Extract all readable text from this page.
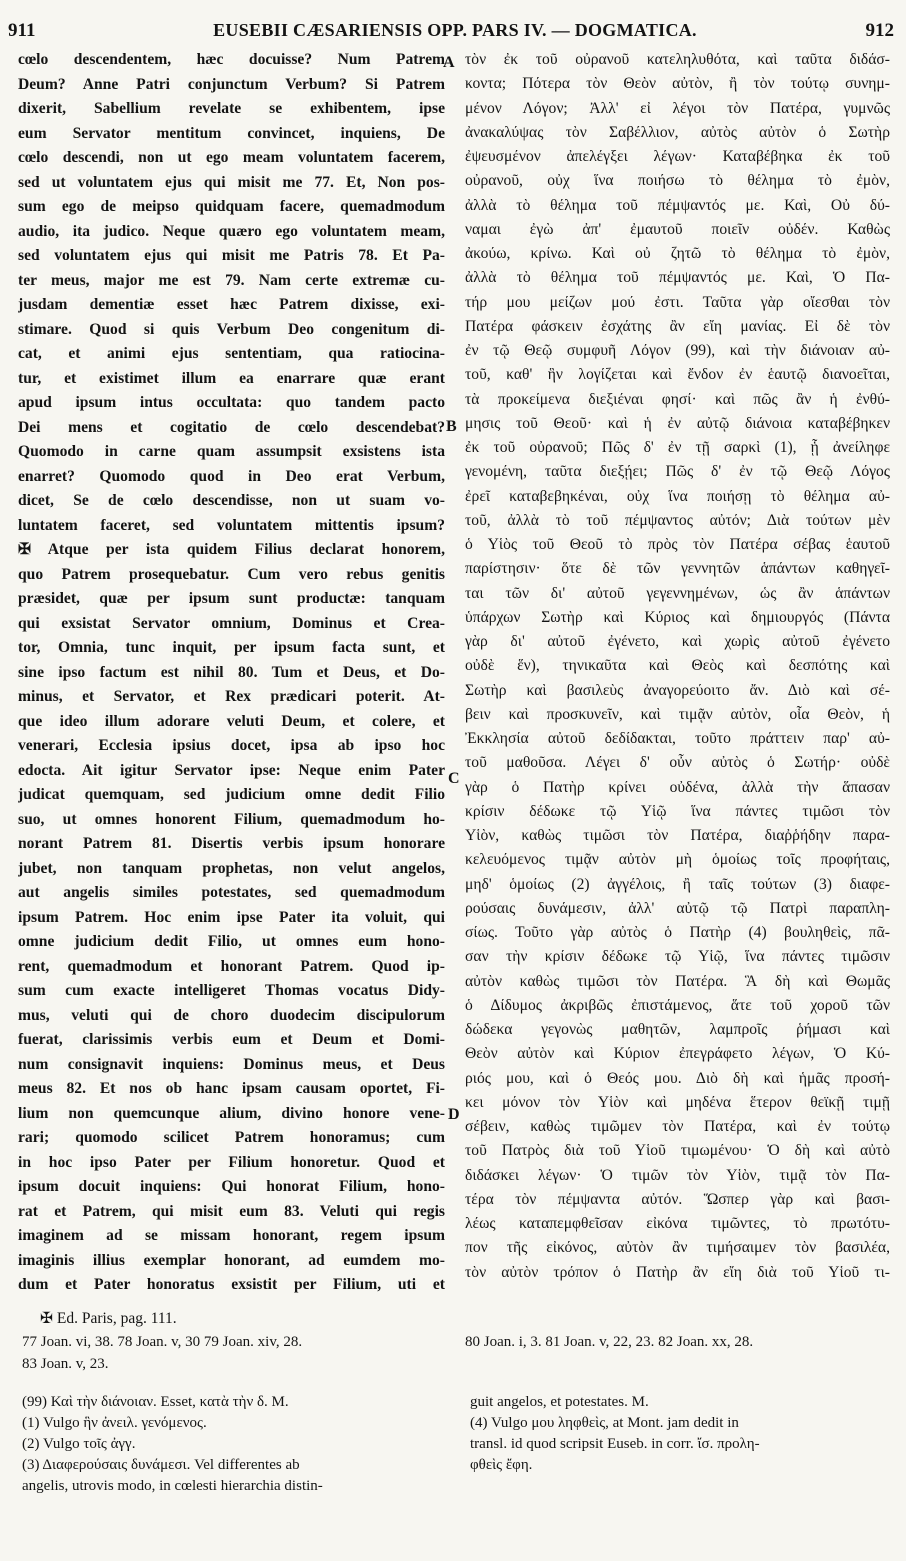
911	EUSEBII CÆSARIENSIS OPP. PARS IV. — DOGMATICA.	912
cœlo descendentem, hæc docuisse? Num Patrem
Deum? Anne Patri conjunctum Verbum? Si Patrem
dixerit, Sabellium revelate se exhibentem, ipse
eum Servator mentitum convincet, inquiens, De
cœlo descendi, non ut ego meam voluntatem facerem,
sed ut voluntatem ejus qui misit me 77. Et, Non pos-
sum ego de meipso quidquam facere, quemadmodum
audio, ita judico. Neque quæro ego voluntatem meam,
sed voluntatem ejus qui misit me Patris 78. Et Pa-
ter meus, major me est 79. Nam certe extremæ cu-
jusdam dementiæ esset hæc Patrem dixisse, exi-
stimare. Quod si quis Verbum Deo congenitum di-
cat, et animi ejus sententiam, qua ratiocina-
tur, et existimet illum ea enarrare quæ erant
apud ipsum intus occultata: quo tandem pacto
Dei mens et cogitatio de cœlo descendebat?
Quomodo in carne quam assumpsit exsistens ista
enarret? Quomodo quod in Deo erat Verbum,
dicet, Se de cœlo descendisse, non ut suam vo-
luntatem faceret, sed voluntatem mittentis ipsum?
✠ Atque per ista quidem Filius declarat honorem,
quo Patrem prosequebatur. Cum vero rebus genitis
præsidet, quæ per ipsum sunt productæ: tanquam
qui exsistat Servator omnium, Dominus et Crea-
tor, Omnia, tunc inquit, per ipsum facta sunt, et
sine ipso factum est nihil 80. Tum et Deus, et Do-
minus, et Servator, et Rex prædicari poterit. At-
que ideo illum adorare veluti Deum, et colere, et
venerari, Ecclesia ipsius docet, ipsa ab ipso hoc
edocta. Ait igitur Servator ipse: Neque enim Pater
judicat quemquam, sed judicium omne dedit Filio
suo, ut omnes honorent Filium, quemadmodum ho-
norant Patrem 81. Disertis verbis ipsum honorare
jubet, non tanquam prophetas, non velut angelos,
aut angelis similes potestates, sed quemadmodum
ipsum Patrem. Hoc enim ipse Pater ita voluit, qui
omne judicium dedit Filio, ut omnes eum hono-
rent, quemadmodum et honorant Patrem. Quod ip-
sum cum exacte intelligeret Thomas vocatus Didy-
mus, veluti qui de choro duodecim discipulorum
fuerat, clarissimis verbis eum et Deum et Domi-
num consignavit inquiens: Dominus meus, et Deus
meus 82. Et nos ob hanc ipsam causam oportet, Fi-
lium non quemcunque alium, divino honore vene-
rari; quomodo scilicet Patrem honoramus; cum
in hoc ipso Pater per Filium honoretur. Quod et
ipsum docuit inquiens: Qui honorat Filium, hono-
rat et Patrem, qui misit eum 83. Veluti qui regis
imaginem ad se missam honorant, regem ipsum
imaginis illius exemplar honorant, ad eumdem mo-
dum et Pater honoratus exsistit per Filium, uti et
τὸν ἐκ τοῦ οὐρανοῦ κατεληλυθότα, καὶ ταῦτα διδάσ-
κοντα; Πότερα τὸν Θεὸν αὐτὸν, ἢ τὸν τούτῳ συνημ-
μένον Λόγον; Ἀλλ' εἰ λέγοι τὸν Πατέρα, γυμνῶς
ἀνακαλύψας τὸν Σαβέλλιον, αὐτὸς αὐτὸν ὁ Σωτὴρ
ἐψευσμένον ἀπελέγξει λέγων· Καταβέβηκα ἐκ τοῦ
οὐρανοῦ, οὐχ ἵνα ποιήσω τὸ θέλημα τὸ ἐμὸν,
ἀλλὰ τὸ θέλημα τοῦ πέμψαντός με. Καὶ, Οὐ δύ-
ναμαι ἐγὼ ἀπ' ἐμαυτοῦ ποιεῖν οὐδέν. Καθὼς
ἀκούω, κρίνω. Καὶ οὐ ζητῶ τὸ θέλημα τὸ ἐμὸν,
ἀλλὰ τὸ θέλημα τοῦ πέμψαντός με. Καὶ, Ὁ Πα-
τήρ μου μείζων μού ἐστι. Ταῦτα γὰρ οἴεσθαι τὸν
Πατέρα φάσκειν ἐσχάτης ἂν εἴη μανίας. Εἰ δὲ τὸν
ἐν τῷ Θεῷ συμφυῆ Λόγον (99), καὶ τὴν διάνοιαν αὐ-
τοῦ, καθ' ἣν λογίζεται καὶ ἔνδον ἐν ἑαυτῷ διανοεῖται,
τὰ προκείμενα διεξιέναι φησί· καὶ πῶς ἂν ἡ ἐνθύ-
μησις τοῦ Θεοῦ· καὶ ἡ ἐν αὐτῷ διάνοια καταβέβηκεν
ἐκ τοῦ οὐρανοῦ; Πῶς δ' ἐν τῇ σαρκὶ (1), ᾗ ἀνείληφε
γενομένη, ταῦτα διεξῄει; Πῶς δ' ἐν τῷ Θεῷ Λόγος
ἐρεῖ καταβεβηκέναι, οὐχ ἵνα ποιήσῃ τὸ θέλημα αὐ-
τοῦ, ἀλλὰ τὸ τοῦ πέμψαντος αὐτόν; Διὰ τούτων μὲν
ὁ Υἱὸς τοῦ Θεοῦ τὸ πρὸς τὸν Πατέρα σέβας ἑαυτοῦ
παρίστησιν· ὅτε δὲ τῶν γεννητῶν ἁπάντων καθηγεῖ-
ται τῶν δι' αὐτοῦ γεγεννημένων, ὡς ἂν ἁπάντων
ὑπάρχων Σωτὴρ καὶ Κύριος καὶ δημιουργός (Πάντα
γὰρ δι' αὐτοῦ ἐγένετο, καὶ χωρὶς αὐτοῦ ἐγένετο
οὐδὲ ἕν), τηνικαῦτα καὶ Θεὸς καὶ δεσπότης καὶ
Σωτὴρ καὶ βασιλεὺς ἀναγορεύοιτο ἄν. Διὸ καὶ σέ-
βειν καὶ προσκυνεῖν, καὶ τιμᾷν αὐτὸν, οἷα Θεὸν, ἡ
Ἐκκλησία αὐτοῦ δεδίδακται, τοῦτο πράττειν παρ' αὐ-
τοῦ μαθοῦσα. Λέγει δ' οὖν αὐτὸς ὁ Σωτήρ· οὐδὲ
γὰρ ὁ Πατὴρ κρίνει οὐδένα, ἀλλὰ τὴν ἅπασαν
κρίσιν δέδωκε τῷ Υἱῷ ἵνα πάντες τιμῶσι τὸν
Υἱὸν, καθὼς τιμῶσι τὸν Πατέρα, διαῤῥήδην παρα-
κελευόμενος τιμᾷν αὐτὸν μὴ ὁμοίως τοῖς προφήταις,
μηδ' ὁμοίως (2) ἀγγέλοις, ἢ ταῖς τούτων (3) διαφε-
ρούσαις δυνάμεσιν, ἀλλ' αὐτῷ τῷ Πατρὶ παραπλη-
σίως. Τοῦτο γὰρ αὐτὸς ὁ Πατὴρ (4) βουληθεὶς, πᾶ-
σαν τὴν κρίσιν δέδωκε τῷ Υἱῷ, ἵνα πάντες τιμῶσιν
αὐτὸν καθὼς τιμῶσι τὸν Πατέρα. Ἃ δὴ καὶ Θωμᾶς
ὁ Δίδυμος ἀκριβῶς ἐπιστάμενος, ἅτε τοῦ χοροῦ τῶν
δώδεκα γεγονὼς μαθητῶν, λαμπροῖς ῥήμασι καὶ
Θεὸν αὐτὸν καὶ Κύριον ἐπεγράφετο λέγων, Ὁ Κύ-
ριός μου, καὶ ὁ Θεός μου. Διὸ δὴ καὶ ἡμᾶς προσή-
κει μόνον τὸν Υἱὸν καὶ μηδένα ἕτερον θεϊκῇ τιμῇ
σέβειν, καθὼς τιμῶμεν τὸν Πατέρα, καὶ ἐν τούτῳ
τοῦ Πατρὸς διὰ τοῦ Υἱοῦ τιμωμένου· Ὁ δὴ καὶ αὐτὸ
διδάσκει λέγων· Ὁ τιμῶν τὸν Υἱὸν, τιμᾷ τὸν Πα-
τέρα τὸν πέμψαντα αὐτόν. Ὥσπερ γὰρ καὶ βασι-
λέως καταπεμφθεῖσαν εἰκόνα τιμῶντες, τὸ πρωτότυ-
πον τῆς εἰκόνος, αὐτὸν ἂν τιμήσαιμεν τὸν βασιλέα,
τὸν αὐτὸν τρόπον ὁ Πατὴρ ἂν εἴη διὰ τοῦ Υἱοῦ τι-
A
B
C
D
✠ Ed. Paris, pag. 111.
77 Joan. vi, 38. 78 Joan. v, 30 79 Joan. xiv, 28.
83 Joan. v, 23.
80 Joan. i, 3. 81 Joan. v, 22, 23. 82 Joan. xx, 28.
(99) Καὶ τὴν διάνοιαν. Esset, κατὰ τὴν δ. M.
(1) Vulgo ἣν ἀνειλ. γενόμενος.
(2) Vulgo τοῖς ἀγγ.
(3) Διαφερούσαις δυνάμεσι. Vel differentes ab
angelis, utrovis modo, in cœlesti hierarchia distin-
guit angelos, et potestates. M.
(4) Vulgo μου ληφθεὶς, at Mont. jam dedit in
transl. id quod scripsit Euseb. in corr. ἴσ. προλη-
φθεὶς ἔφη.
